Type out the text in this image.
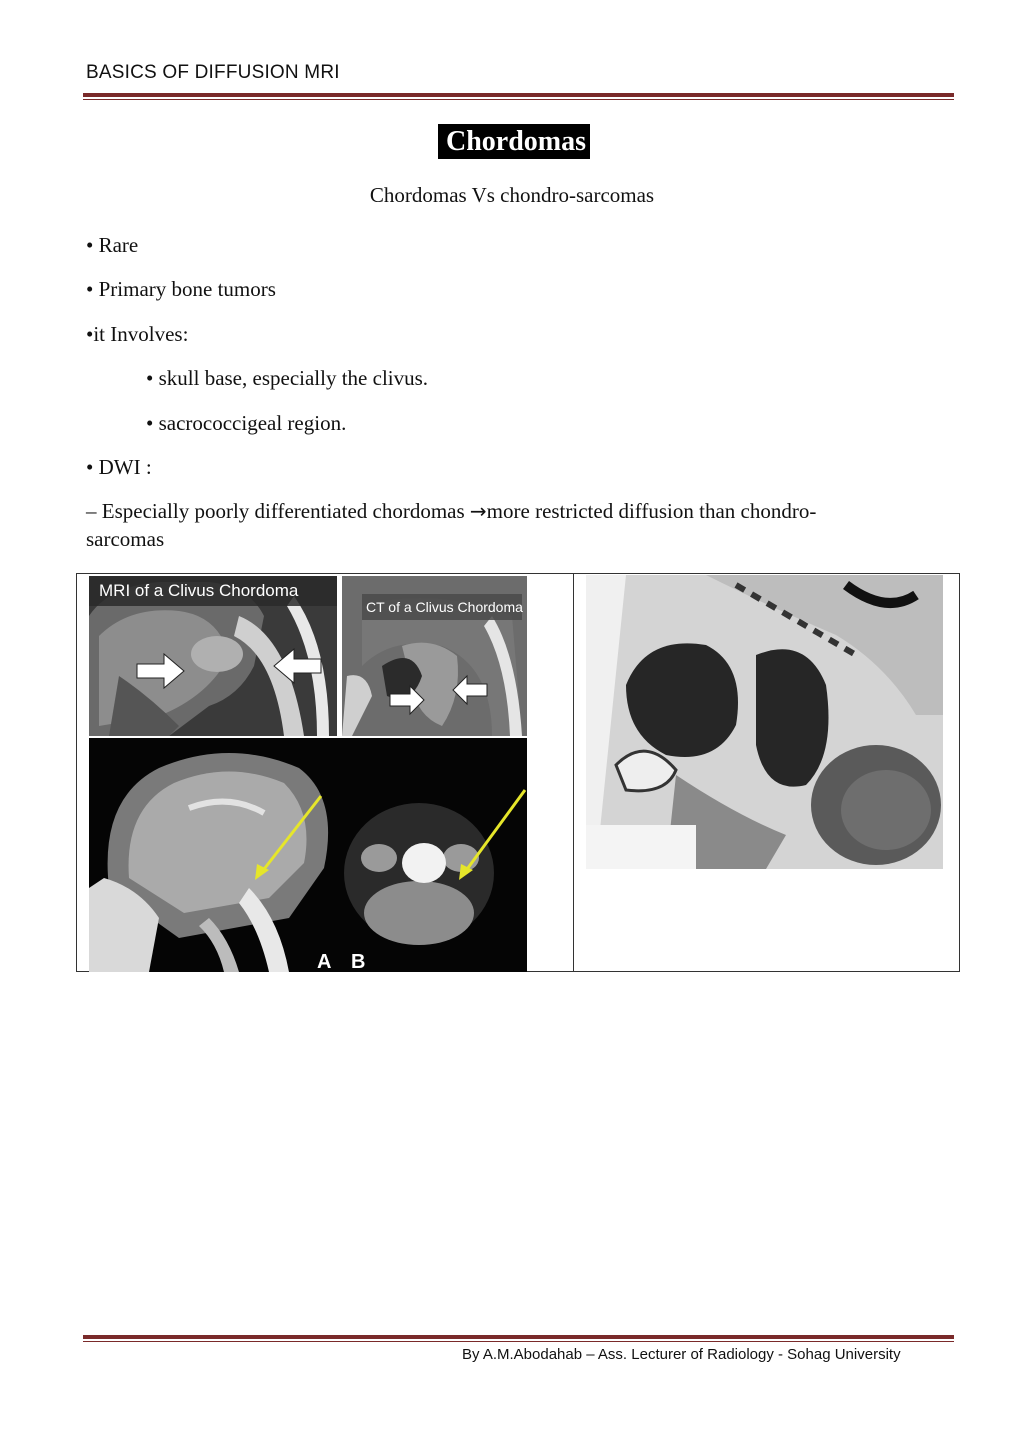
BASICS OF DIFFUSION MRI
Chordomas
Chordomas Vs chondro-sarcomas
• Rare
• Primary bone tumors
•it Involves:
• skull base, especially the clivus.
• sacrococcigeal region.
• DWI :
– Especially poorly differentiated chordomas →more restricted diffusion than chondro-
sarcomas
MRI of a Clivus Chordoma
CT of a Clivus Chordoma
A B
By A.M.Abodahab – Ass. Lecturer of Radiology - Sohag University
